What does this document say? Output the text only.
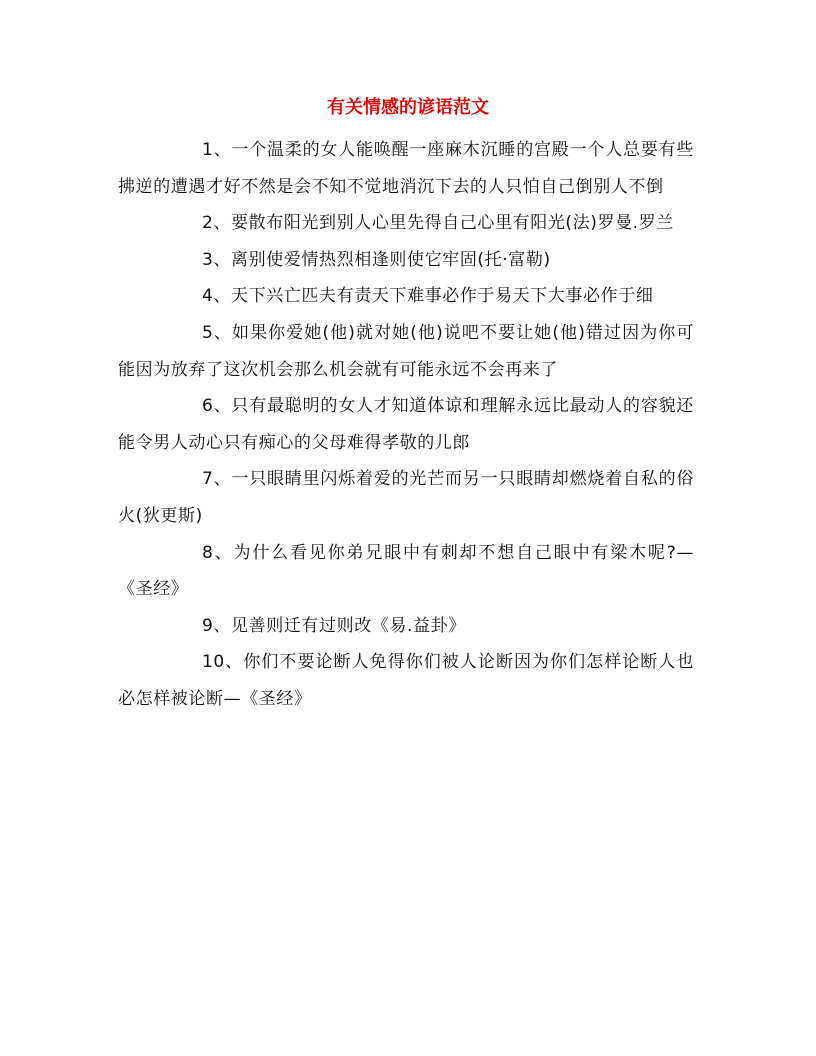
有关情感的谚语范文

1、一个温柔的女人能唤醒一座麻木沉睡的宫殿一个人总要有些拂逆的遭遇才好不然是会不知不觉地消沉下去的人只怕自己倒别人不倒

2、要散布阳光到别人心里先得自己心里有阳光(法)罗曼.罗兰

3、离别使爱情热烈相逢则使它牢固(托·富勒)

4、天下兴亡匹夫有责天下难事必作于易天下大事必作于细

5、如果你爱她(他)就对她(他)说吧不要让她(他)错过因为你可能因为放弃了这次机会那么机会就有可能永远不会再来了

6、只有最聪明的女人才知道体谅和理解永远比最动人的容貌还能令男人动心只有痴心的父母难得孝敬的儿郎

7、一只眼睛里闪烁着爱的光芒而另一只眼睛却燃烧着自私的俗火(狄更斯)

8、为什么看见你弟兄眼中有刺却不想自己眼中有梁木呢?—《圣经》

9、见善则迁有过则改《易.益卦》

10、你们不要论断人免得你们被人论断因为你们怎样论断人也必怎样被论断—《圣经》
